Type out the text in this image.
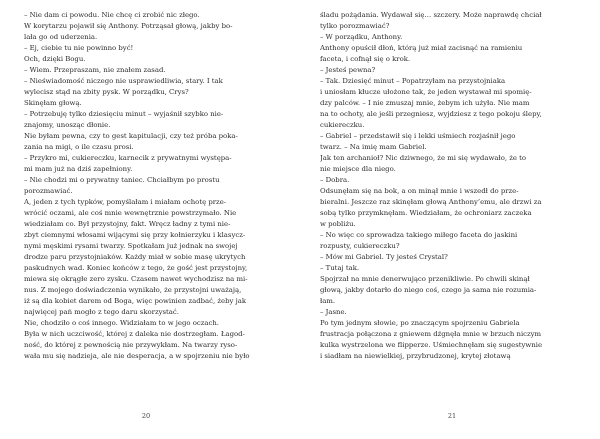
– Nie dam ci powodu. Nie chcę ci zrobić nic złego.
W korytarzu pojawił się Anthony. Potrząsał głową, jakby bo-
lała go od uderzenia.
– Ej, ciebie tu nie powinno być!
Och, dzięki Bogu.
– Wiem. Przepraszam, nie znałem zasad.
– Nieświadomość niczego nie usprawiedliwia, stary. I tak
wylecisz stąd na zbity pysk. W porządku, Crys?
Skinęłam głową.
– Potrzebuję tylko dziesięciu minut – wyjaśnił szybko nie-
znajomy, unosząc dłonie.
Nie byłam pewna, czy to gest kapitulacji, czy też próba poka-
zania na migi, o ile czasu prosi.
– Przykro mi, cukiereczku, karnecik z prywatnymi występa-
mi mam już na dziś zapełniony.
– Nie chodzi mi o prywatny taniec. Chciałbym po prostu
porozmawiać.
A, jeden z tych typków, pomyślałam i miałam ochotę prze-
wrócić oczami, ale coś mnie wewnętrznie powstrzymało. Nie
wiedziałam co. Był przystojny, fakt. Wręcz ładny z tymi nie-
zbyt ciemnymi włosami wijącymi się przy kołnierzyku i klasycz-
nymi męskimi rysami twarzy. Spotkałam już jednak na swojej
drodze paru przystojniaków. Każdy miał w sobie masę ukrytych
paskudnych wad. Koniec końców z tego, że gość jest przystojny,
miewa się okrągłe zero zysku. Czasem nawet wychodzisz na mi-
nus. Z mojego doświadczenia wynikało, że przystojni uważają,
iż są dla kobiet darem od Boga, więc powinien zadbać, żeby jak
najwięcej pań mogło z tego daru skorzystać.
Nie, chodziło o coś innego. Widziałam to w jego oczach.
Była w nich uczciwość, której z daleka nie dostrzegłam. Łagod-
ność, do której z pewnością nie przywykłam. Na twarzy ryso-
wała mu się nadzieja, ale nie desperacja, a w spojrzeniu nie było
20
śladu pożądania. Wydawał się… szczery. Może naprawdę chciał
tylko porozmawiać?
– W porządku, Anthony.
Anthony opuścił dłoń, którą już miał zacisnąć na ramieniu
faceta, i cofnął się o krok.
– Jesteś pewna?
– Tak. Dziesięć minut – Popatrzyłam na przystojniaka
i uniosłam kłucze ułożone tak, że jeden wystawał mi spomię-
dzy palców. – I nie zmuszaj mnie, żebym ich użyła. Nie mam
na to ochoty, ale jeśli przegniesz, wyjdziesz z tego pokoju ślepy,
cukiereczku.
– Gabriel – przedstawił się i lekki uśmiech rozjaśnił jego
twarz. – Na imię mam Gabriel.
Jak ten archanioł? Nic dziwnego, że mi się wydawało, że to
nie miejsce dla niego.
– Dobra.
Odsunęłam się na bok, a on minął mnie i wszedł do prze-
bieralni. Jeszcze raz skinęłam głową Anthony’emu, ale drzwi za
sobą tylko przymknęłam. Wiedziałam, że ochroniarz zaczeka
w pobliżu.
– No więc co sprowadza takiego miłego faceta do jaskini
rozpusty, cukiereczku?
– Mów mi Gabriel. Ty jesteś Crystal?
– Tutaj tak.
Spojrzał na mnie denerwująco przenikliwie. Po chwili skinął
głową, jakby dotarło do niego coś, czego ja sama nie rozumia-
łam.
– Jasne.
Po tym jednym słowie, po znaczącym spojrzeniu Gabriela
frustracja połączona z gniewem dźgnęła mnie w brzuch niczym
kulka wystrzelona we flipperze. Uśmiechnęłam się sugestywnie
i siadłam na niewielkiej, przybrudzonej, krytej złotawą
21
